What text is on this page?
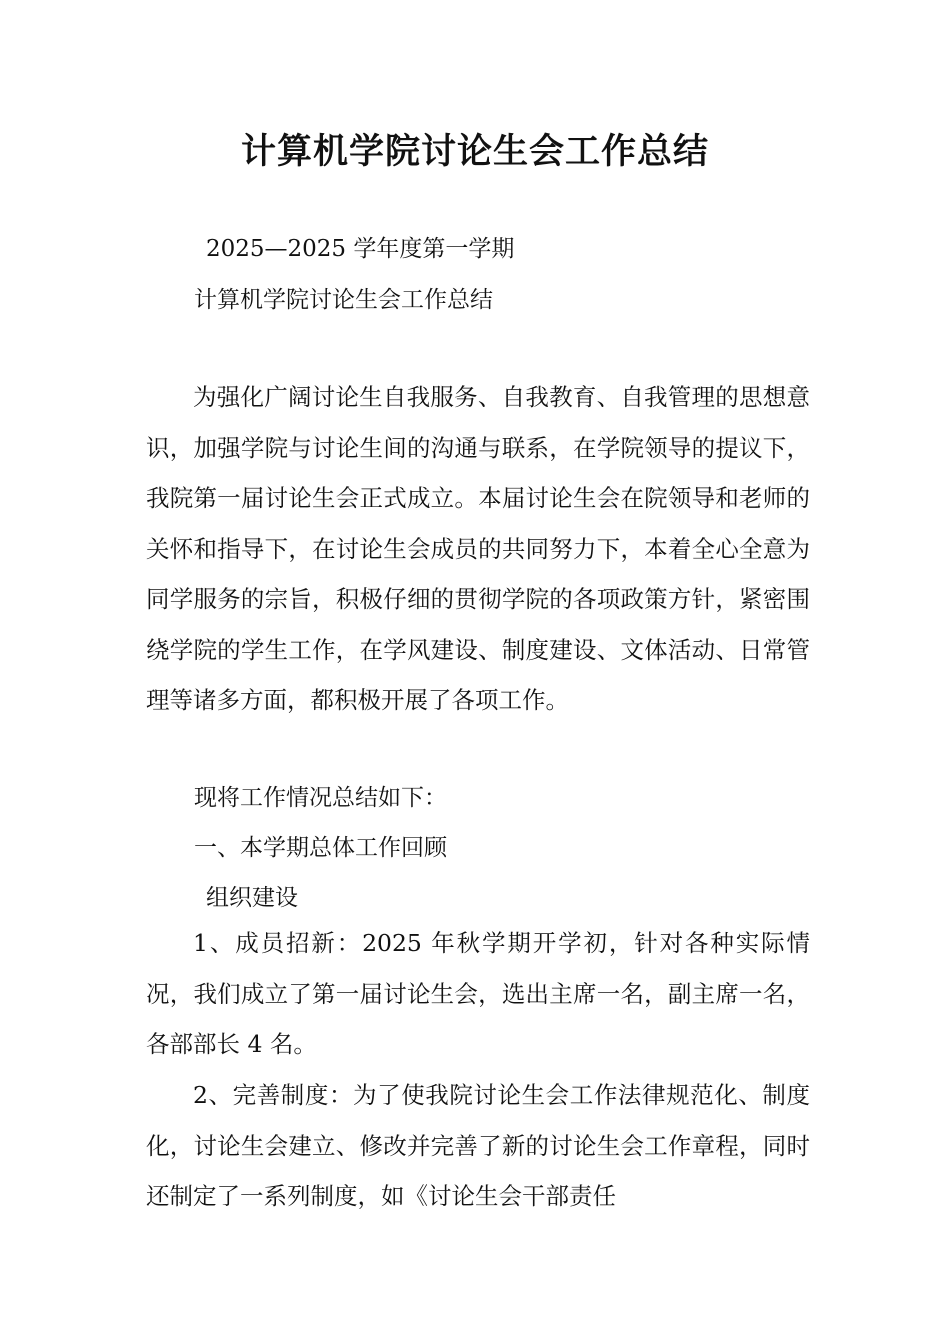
计算机学院讨论生会工作总结
2025—2025 学年度第一学期
计算机学院讨论生会工作总结

为强化广阔讨论生自我服务、自我教育、自我管理的思想意识，加强学院与讨论生间的沟通与联系，在学院领导的提议下，我院第一届讨论生会正式成立。本届讨论生会在院领导和老师的关怀和指导下，在讨论生会成员的共同努力下，本着全心全意为同学服务的宗旨，积极仔细的贯彻学院的各项政策方针，紧密围绕学院的学生工作，在学风建设、制度建设、文体活动、日常管理等诸多方面，都积极开展了各项工作。

现将工作情况总结如下：
一、本学期总体工作回顾
组织建设

1、成员招新：2025 年秋学期开学初，针对各种实际情况，我们成立了第一届讨论生会，选出主席一名，副主席一名，各部部长 4 名。

2、完善制度：为了使我院讨论生会工作法律规范化、制度化，讨论生会建立、修改并完善了新的讨论生会工作章程，同时还制定了一系列制度，如《讨论生会干部责任
